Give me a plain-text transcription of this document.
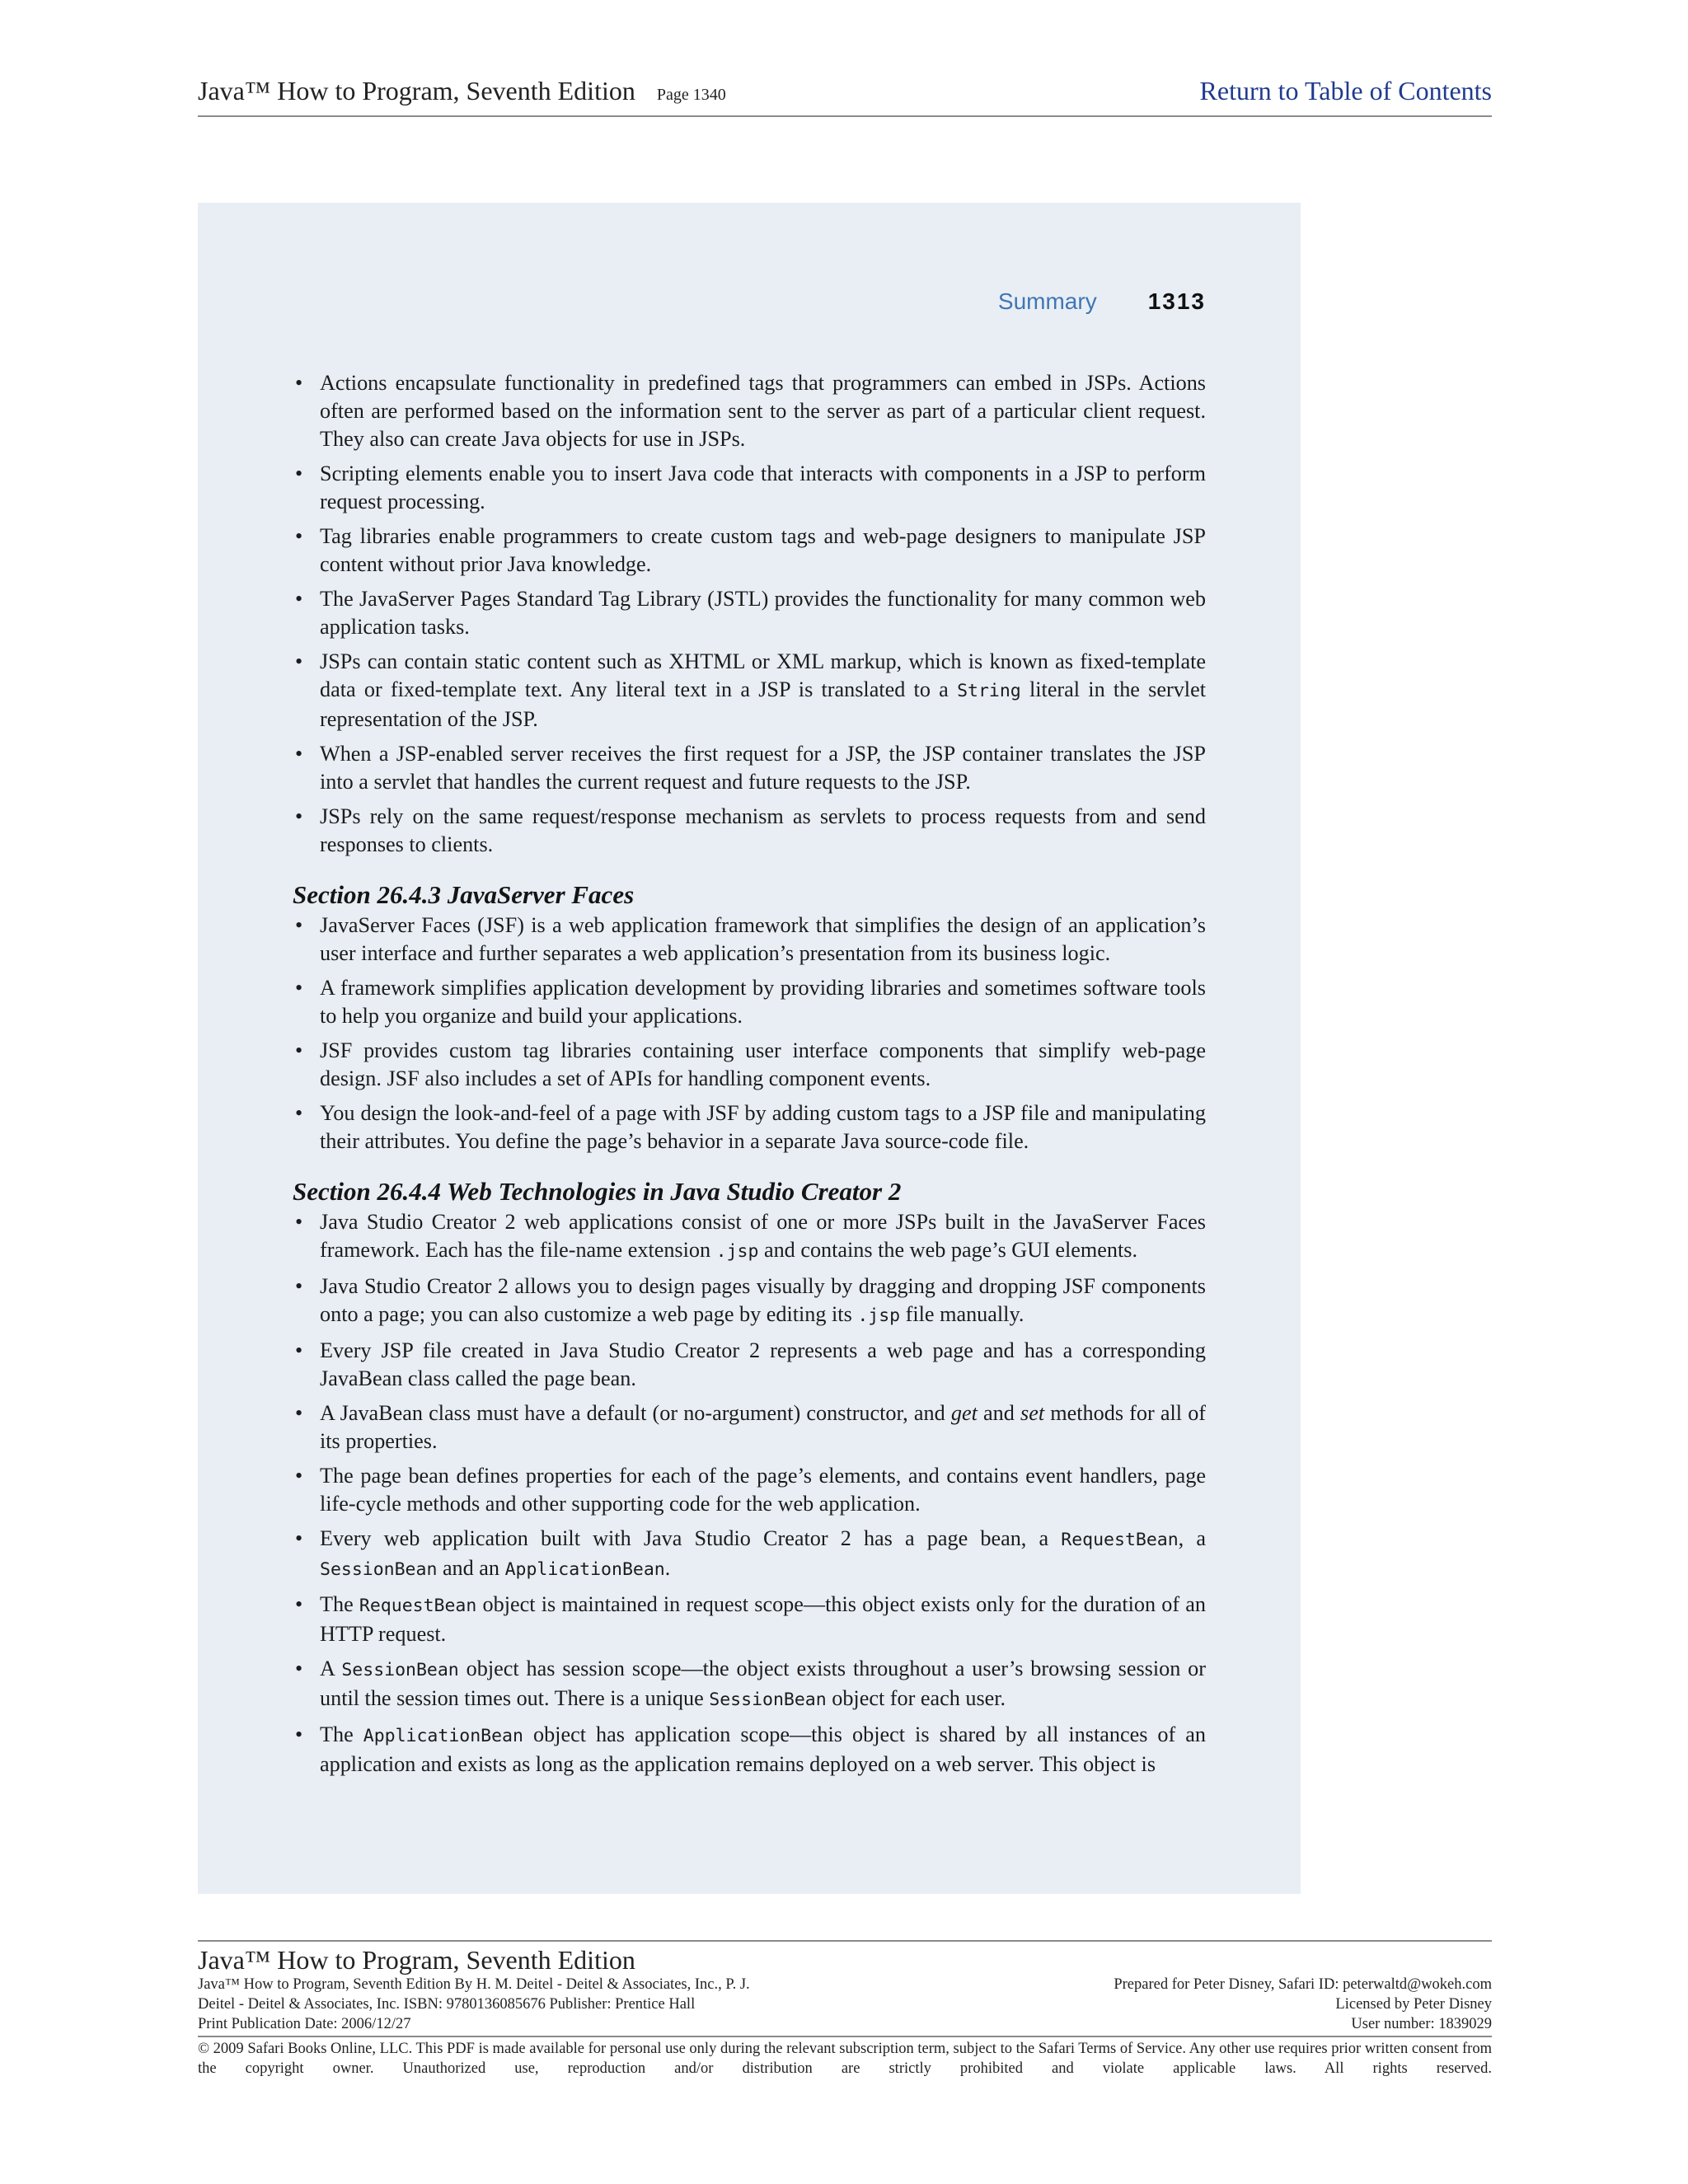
Java™ How to Program, Seventh Edition Page 1340	Return to Table of Contents
Summary 1313
• Actions encapsulate functionality in predefined tags that programmers can embed in JSPs. Actions often are performed based on the information sent to the server as part of a particular client request. They also can create Java objects for use in JSPs.
• Scripting elements enable you to insert Java code that interacts with components in a JSP to perform request processing.
• Tag libraries enable programmers to create custom tags and web-page designers to manipulate JSP content without prior Java knowledge.
• The JavaServer Pages Standard Tag Library (JSTL) provides the functionality for many common web application tasks.
• JSPs can contain static content such as XHTML or XML markup, which is known as fixed-template data or fixed-template text. Any literal text in a JSP is translated to a String literal in the servlet representation of the JSP.
• When a JSP-enabled server receives the first request for a JSP, the JSP container translates the JSP into a servlet that handles the current request and future requests to the JSP.
• JSPs rely on the same request/response mechanism as servlets to process requests from and send responses to clients.
Section 26.4.3 JavaServer Faces
• JavaServer Faces (JSF) is a web application framework that simplifies the design of an application’s user interface and further separates a web application’s presentation from its business logic.
• A framework simplifies application development by providing libraries and sometimes software tools to help you organize and build your applications.
• JSF provides custom tag libraries containing user interface components that simplify web-page design. JSF also includes a set of APIs for handling component events.
• You design the look-and-feel of a page with JSF by adding custom tags to a JSP file and manipulating their attributes. You define the page’s behavior in a separate Java source-code file.
Section 26.4.4 Web Technologies in Java Studio Creator 2
• Java Studio Creator 2 web applications consist of one or more JSPs built in the JavaServer Faces framework. Each has the file-name extension .jsp and contains the web page’s GUI elements.
• Java Studio Creator 2 allows you to design pages visually by dragging and dropping JSF components onto a page; you can also customize a web page by editing its .jsp file manually.
• Every JSP file created in Java Studio Creator 2 represents a web page and has a corresponding JavaBean class called the page bean.
• A JavaBean class must have a default (or no-argument) constructor, and get and set methods for all of its properties.
• The page bean defines properties for each of the page’s elements, and contains event handlers, page life-cycle methods and other supporting code for the web application.
• Every web application built with Java Studio Creator 2 has a page bean, a RequestBean, a SessionBean and an ApplicationBean.
• The RequestBean object is maintained in request scope—this object exists only for the duration of an HTTP request.
• A SessionBean object has session scope—the object exists throughout a user’s browsing session or until the session times out. There is a unique SessionBean object for each user.
• The ApplicationBean object has application scope—this object is shared by all instances of an application and exists as long as the application remains deployed on a web server. This object is
Java™ How to Program, Seventh Edition
Java™ How to Program, Seventh Edition By H. M. Deitel - Deitel & Associates, Inc., P. J.	Prepared for Peter Disney, Safari ID: peterwaltd@wokeh.com
Deitel - Deitel & Associates, Inc. ISBN: 9780136085676 Publisher: Prentice Hall	Licensed by Peter Disney
Print Publication Date: 2006/12/27	User number: 1839029
© 2009 Safari Books Online, LLC. This PDF is made available for personal use only during the relevant subscription term, subject to the Safari Terms of Service. Any other use requires prior written consent from the copyright owner. Unauthorized use, reproduction and/or distribution are strictly prohibited and violate applicable laws. All rights reserved.
